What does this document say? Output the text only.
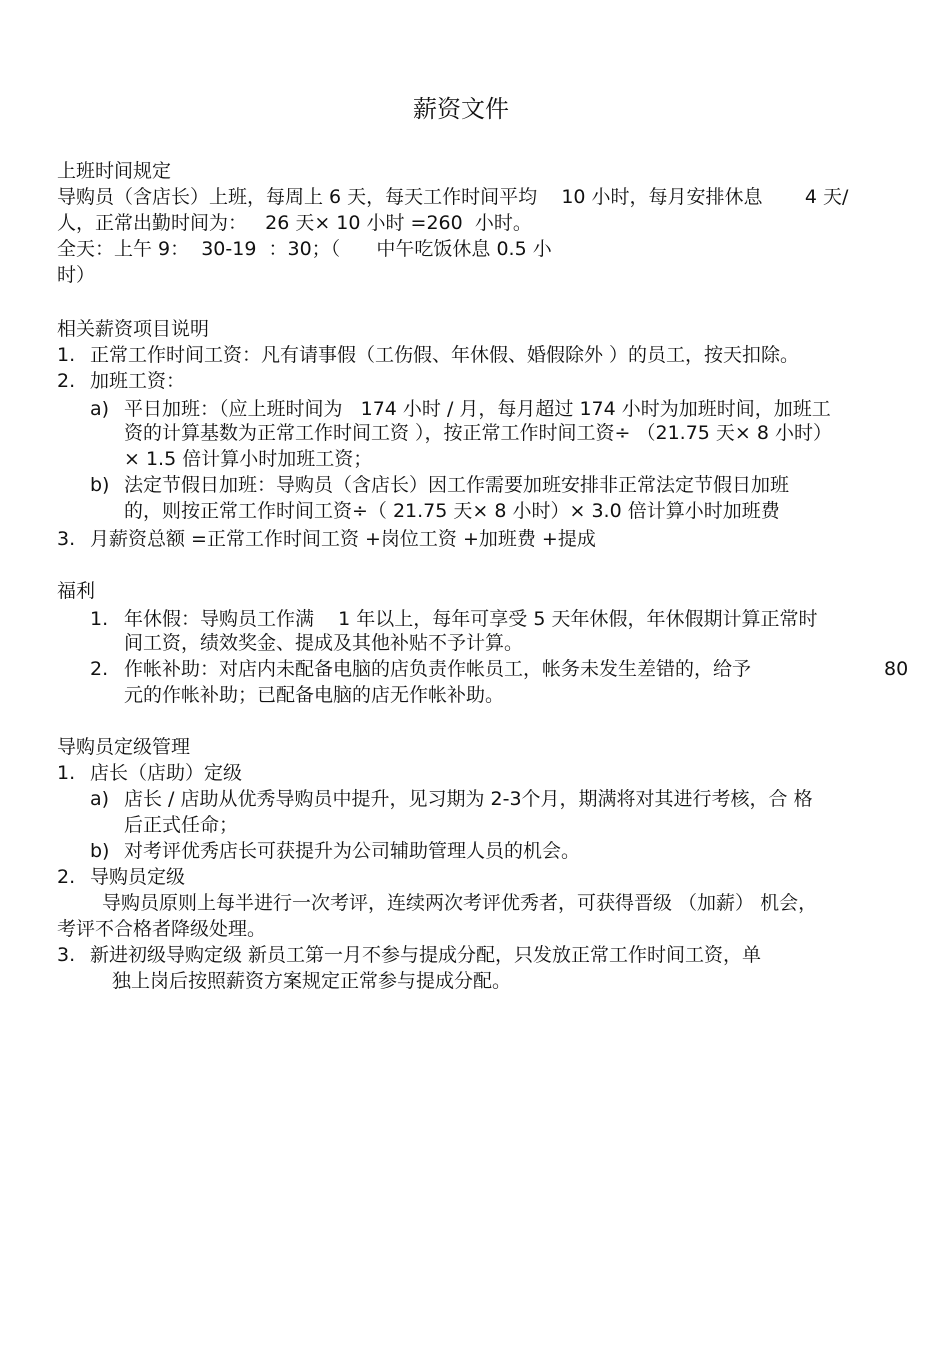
薪资文件
上班时间规定
导购员（含店长）上班，每周上 6 天，每天工作时间平均    10 小时，每月安排休息       4 天/
人，正常出勤时间为：   26 天× 10 小时 =260  小时。
全天：上午 9：  30-19  ：30；（      中午吃饭休息 0.5 小
时）
相关薪资项目说明
1. 正常工作时间工资：凡有请事假（工伤假、年休假、婚假除外 ）的员工，按天扣除。
2. 加班工资：
a) 平日加班：（应上班时间为   174 小时 / 月，每月超过 174 小时为加班时间，加班工
资的计算基数为正常工作时间工资 ），按正常工作时间工资÷ （21.75 天× 8 小时）
× 1.5 倍计算小时加班工资；
b) 法定节假日加班：导购员（含店长）因工作需要加班安排非正常法定节假日加班
的，则按正常工作时间工资÷（ 21.75 天× 8 小时）× 3.0 倍计算小时加班费
3. 月薪资总额 =正常工作时间工资 +岗位工资 +加班费 +提成
福利
1. 年休假：导购员工作满    1 年以上，每年可享受 5 天年休假，年休假期计算正常时
间工资，绩效奖金、提成及其他补贴不予计算。
2. 作帐补助：对店内未配备电脑的店负责作帐员工，帐务未发生差错的，给予	80
元的作帐补助；已配备电脑的店无作帐补助。
导购员定级管理
1. 店长（店助）定级
a) 店长 / 店助从优秀导购员中提升，见习期为 2-3个月，期满将对其进行考核，合 格
后正式任命；
b) 对考评优秀店长可获提升为公司辅助管理人员的机会。
2. 导购员定级
导购员原则上每半进行一次考评，连续两次考评优秀者，可获得晋级 （加薪） 机会，
考评不合格者降级处理。
3. 新进初级导购定级 新员工第一月不参与提成分配，只发放正常工作时间工资，单
独上岗后按照薪资方案规定正常参与提成分配。
